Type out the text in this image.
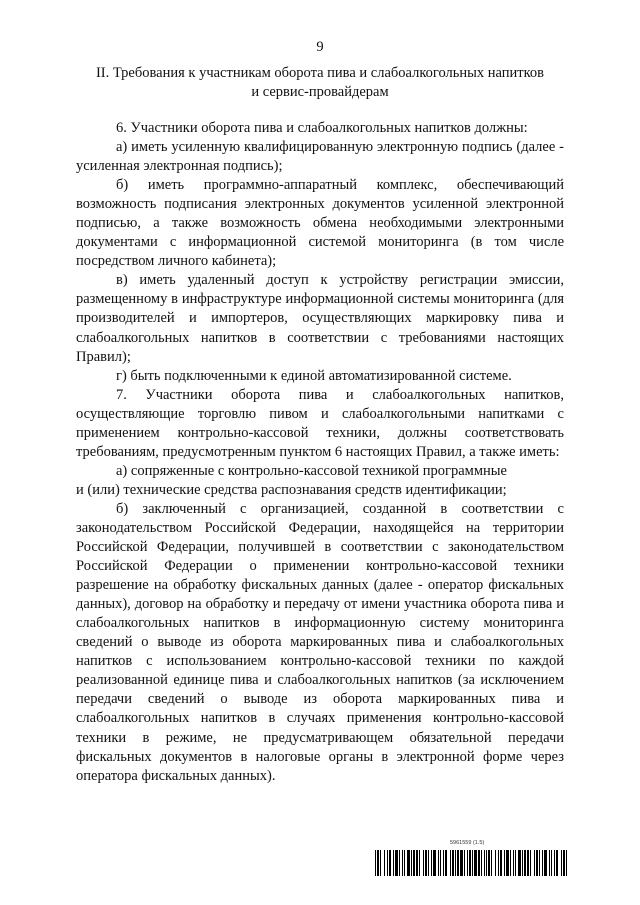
9
II. Требования к участникам оборота пива и слабоалкогольных напитков
и сервис-провайдерам

6. Участники оборота пива и слабоалкогольных напитков должны:

а) иметь усиленную квалифицированную электронную подпись (далее - усиленная электронная подпись);

б) иметь программно-аппаратный комплекс, обеспечивающий возможность подписания электронных документов усиленной электронной подписью, а также возможность обмена необходимыми электронными документами с информационной системой мониторинга (в том числе посредством личного кабинета);

в) иметь удаленный доступ к устройству регистрации эмиссии, размещенному в инфраструктуре информационной системы мониторинга (для производителей и импортеров, осуществляющих маркировку пива и слабоалкогольных напитков в соответствии с требованиями настоящих Правил);

г) быть подключенными к единой автоматизированной системе.

7. Участники оборота пива и слабоалкогольных напитков, осуществляющие торговлю пивом и слабоалкогольными напитками с применением контрольно-кассовой техники, должны соответствовать требованиям, предусмотренным пунктом 6 настоящих Правил, а также иметь:

а) сопряженные с контрольно-кассовой техникой программные

и (или) технические средства распознавания средств идентификации;

б) заключенный с организацией, созданной в соответствии с законодательством Российской Федерации, находящейся на территории Российской Федерации, получившей в соответствии с законодательством Российской Федерации о применении контрольно-кассовой техники разрешение на обработку фискальных данных (далее - оператор фискальных данных), договор на обработку и передачу от имени участника оборота пива и слабоалкогольных напитков в информационную систему мониторинга сведений о выводе из оборота маркированных пива и слабоалкогольных напитков с использованием контрольно-кассовой техники по каждой реализованной единице пива и слабоалкогольных напитков (за исключением передачи сведений о выводе из оборота маркированных пива и слабоалкогольных напитков в случаях применения контрольно-кассовой техники в режиме, не предусматривающем обязательной передачи фискальных документов в налоговые органы в электронной форме через оператора фискальных данных).

5961559 (1.5)
